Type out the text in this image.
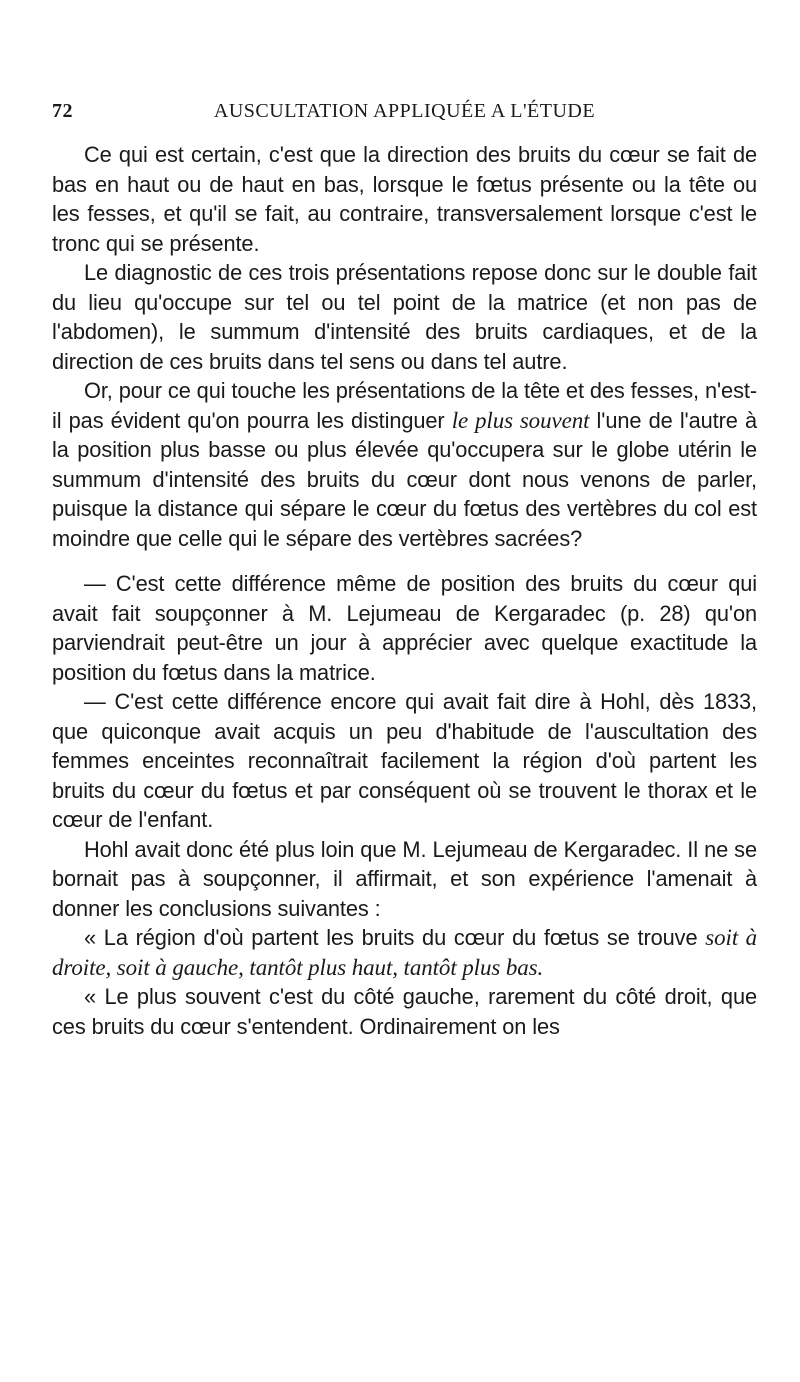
72	AUSCULTATION APPLIQUÉE A L'ÉTUDE

Ce qui est certain, c'est que la direction des bruits du cœur se fait de bas en haut ou de haut en bas, lorsque le fœtus présente ou la tête ou les fesses, et qu'il se fait, au contraire, transversalement lorsque c'est le tronc qui se présente.

Le diagnostic de ces trois présentations repose donc sur le double fait du lieu qu'occupe sur tel ou tel point de la matrice (et non pas de l'abdomen), le summum d'intensité des bruits cardiaques, et de la direction de ces bruits dans tel sens ou dans tel autre.

Or, pour ce qui touche les présentations de la tête et des fesses, n'est-il pas évident qu'on pourra les distinguer le plus souvent l'une de l'autre à la position plus basse ou plus élevée qu'occupera sur le globe utérin le summum d'intensité des bruits du cœur dont nous venons de parler, puisque la distance qui sépare le cœur du fœtus des vertèbres du col est moindre que celle qui le sépare des vertèbres sacrées?

— C'est cette différence même de position des bruits du cœur qui avait fait soupçonner à M. Lejumeau de Kergaradec (p. 28) qu'on parviendrait peut-être un jour à apprécier avec quelque exactitude la position du fœtus dans la matrice.

— C'est cette différence encore qui avait fait dire à Hohl, dès 1833, que quiconque avait acquis un peu d'habitude de l'auscultation des femmes enceintes reconnaîtrait facilement la région d'où partent les bruits du cœur du fœtus et par conséquent où se trouvent le thorax et le cœur de l'enfant.

Hohl avait donc été plus loin que M. Lejumeau de Kergaradec. Il ne se bornait pas à soupçonner, il affirmait, et son expérience l'amenait à donner les conclusions suivantes :

« La région d'où partent les bruits du cœur du fœtus se trouve soit à droite, soit à gauche, tantôt plus haut, tantôt plus bas.

« Le plus souvent c'est du côté gauche, rarement du côté droit, que ces bruits du cœur s'entendent. Ordinairement on les
